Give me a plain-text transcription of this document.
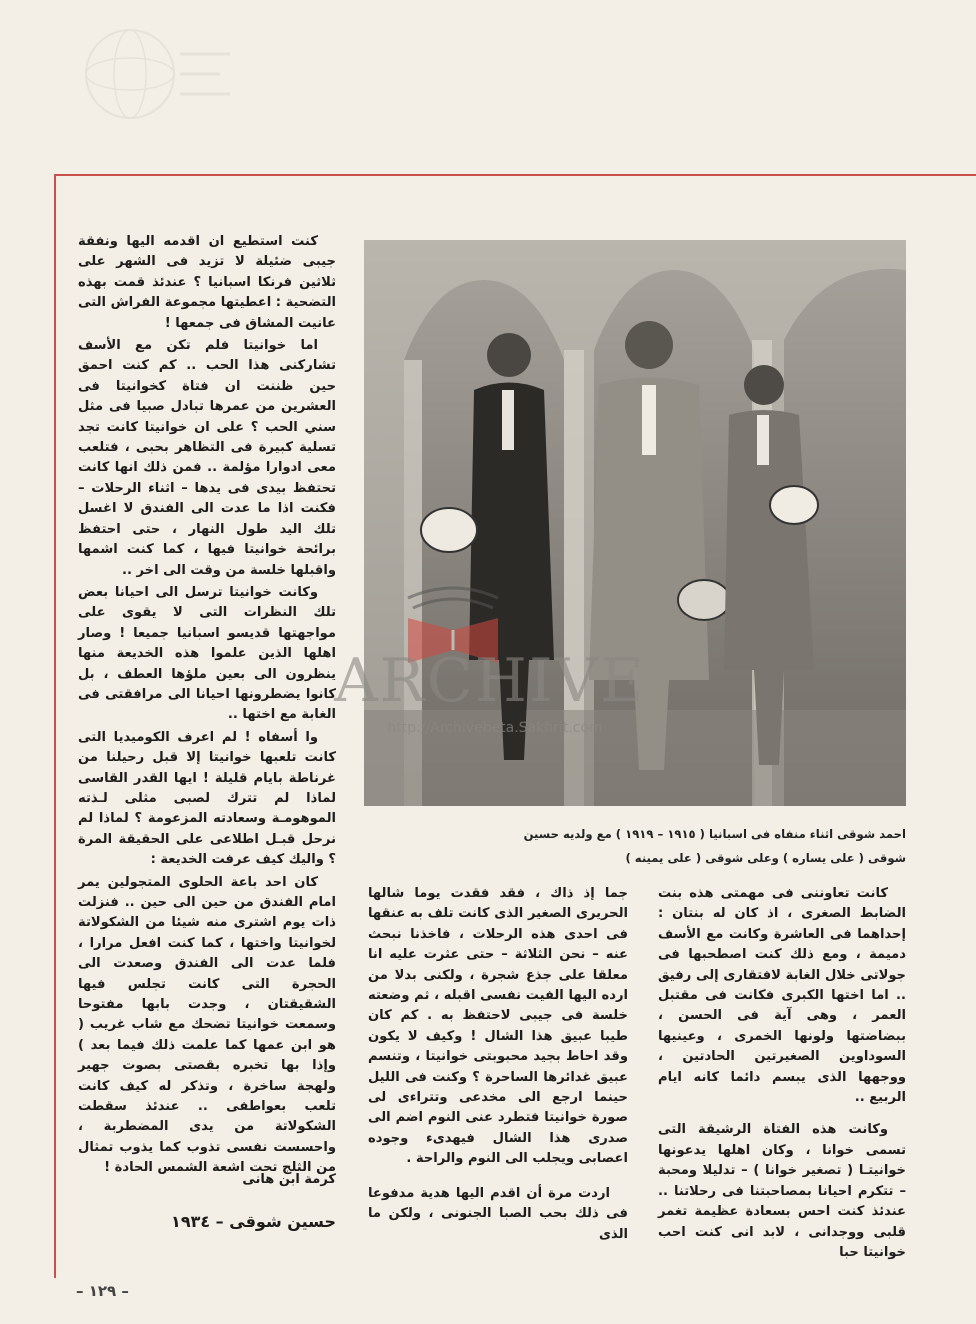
كنت استطيع ان اقدمه اليها ونفقة جيبى ضئيلة لا تزيد فى الشهر على ثلاثين فرنكا اسبانيا ؟ عندئذ قمت بهذه التضحية : اعطيتها مجموعة الفراش التى عانيت المشاق فى جمعها !

اما خوانيتا فلم تكن مع الأسف تشاركنى هذا الحب .. كم كنت احمق حين ظننت ان فتاة كخوانيتا فى العشرين من عمرها تبادل صبيا فى مثل سني الحب ؟ على ان خوانيتا كانت تجد تسلية كبيرة فى التظاهر بحبى ، فتلعب معى ادوارا مؤلمة .. فمن ذلك انها كانت تحتفظ بيدى فى يدها – اثناء الرحلات – فكنت اذا ما عدت الى الفندق لا اغسل تلك اليد طول النهار ، حتى احتفظ برائحة خوانيتا فيها ، كما كنت اشمها واقبلها خلسة من وقت الى اخر ..

وكانت خوانيتا ترسل الى احيانا بعض تلك النظرات التى لا يقوى على مواجهتها قديسو اسبانيا جميعا ! وصار اهلها الذين علموا هذه الخديعة منها ينظرون الى بعين ملؤها العطف ، بل كانوا يضطرونها احيانا الى مرافقتى فى الغابة مع اختها ..

وا أسفاه ! لم اعرف الكوميديا التى كانت تلعبها خوانيتا إلا قبل رحيلنا من غرناطة بايام قليلة ! ايها القدر القاسى لماذا لم تترك لصبى مثلى لـذته الموهومـة وسعادته المزعومة ؟ لماذا لم نرحل قبـل اطلاعى على الحقيقة المرة ؟ واليك كيف عرفت الخديعة :

كان احد باعة الحلوى المتجولين يمر امام الفندق من حين الى حين .. فنزلت ذات يوم اشترى منه شيئا من الشكولاتة لخوانيتا واختها ، كما كنت افعل مرارا ، فلما عدت الى الفندق وصعدت الى الحجرة التى كانت تجلس فيها الشقيقتان ، وجدت بابها مفتوحا وسمعت خوانيتا تضحك مع شاب غريب ( هو ابن عمها كما علمت ذلك فيما بعد ) وإذا بها تخبره بقصتى بصوت جهير ولهجة ساخرة ، وتذكر له كيف كانت تلعب بعواطفى .. عندئذ سقطت الشكولاتة من يدى المضطربة ، واحسست نفسى تذوب كما يذوب تمثال من الثلج تحت اشعة الشمس الحادة !

احمد شوقى اثناء منفاه فى اسبانيا ( ١٩١٥ – ١٩١٩ ) مع ولديه حسين
شوقى ( على يساره ) وعلى شوقى ( على يمينه )

جما إذ ذاك ، فقد فقدت يوما شالها الحريرى الصغير الذى كانت تلف به عنقها فى احدى هذه الرحلات ، فاخذنا نبحث عنه – نحن الثلاثة – حتى عثرت عليه انا معلقا على جذع شجرة ، ولكنى بدلا من ارده اليها الفيت نفسى اقبله ، ثم وضعته خلسة فى جيبى لاحتفظ به . كم كان طيبا عبيق هذا الشال ! وكيف لا يكون وقد احاط بجيد محبوبتى خوانيتا ، وتنسم عبيق غدائرها الساحرة ؟ وكنت فى الليل حينما ارجع الى مخدعى وتتراءى لى صورة خوانيتا فتطرد عنى النوم اضم الى صدرى هذا الشال فيهدىء وجوده اعصابى ويجلب الى النوم والراحة .

اردت مرة أن اقدم اليها هدية مدفوعا فى ذلك بحب الصبا الجنونى ، ولكن ما الذى

كانت تعاوننى فى مهمتى هذه بنت الضابط الصغرى ، اذ كان له بنتان : إحداهما فى العاشرة وكانت مع الأسف دميمة ، ومع ذلك كنت اصطحبها فى جولاتى خلال الغابة لافتقارى إلى رفيق .. اما اختها الكبرى فكانت فى مقتبل العمر ، وهى آية فى الحسن ، ببضاضتها ولونها الخمرى ، وعينيها السوداوين الصغيرتين الحادتين ، ووجهها الذى يبسم دائما كانه ايام الربيع ..

وكانت هذه الفتاة الرشيقة التى تسمى خوانا ، وكان اهلها يدعونها خوانيتـا ( تصغير خوانا ) – تدليلا ومحبة – تتكرم احيانا بمصاحبتنا فى رحلاتنا .. عندئذ كنت احس بسعادة عظيمة تغمر قلبى ووجدانى ، لابد انى كنت احب خوانيتا حبا

كرمة ابن هانى
حسين شوقى – ١٩٣٤
– ١٢٩ –
ARCHIVE
http://Archivebeta.Sakhrit.com
